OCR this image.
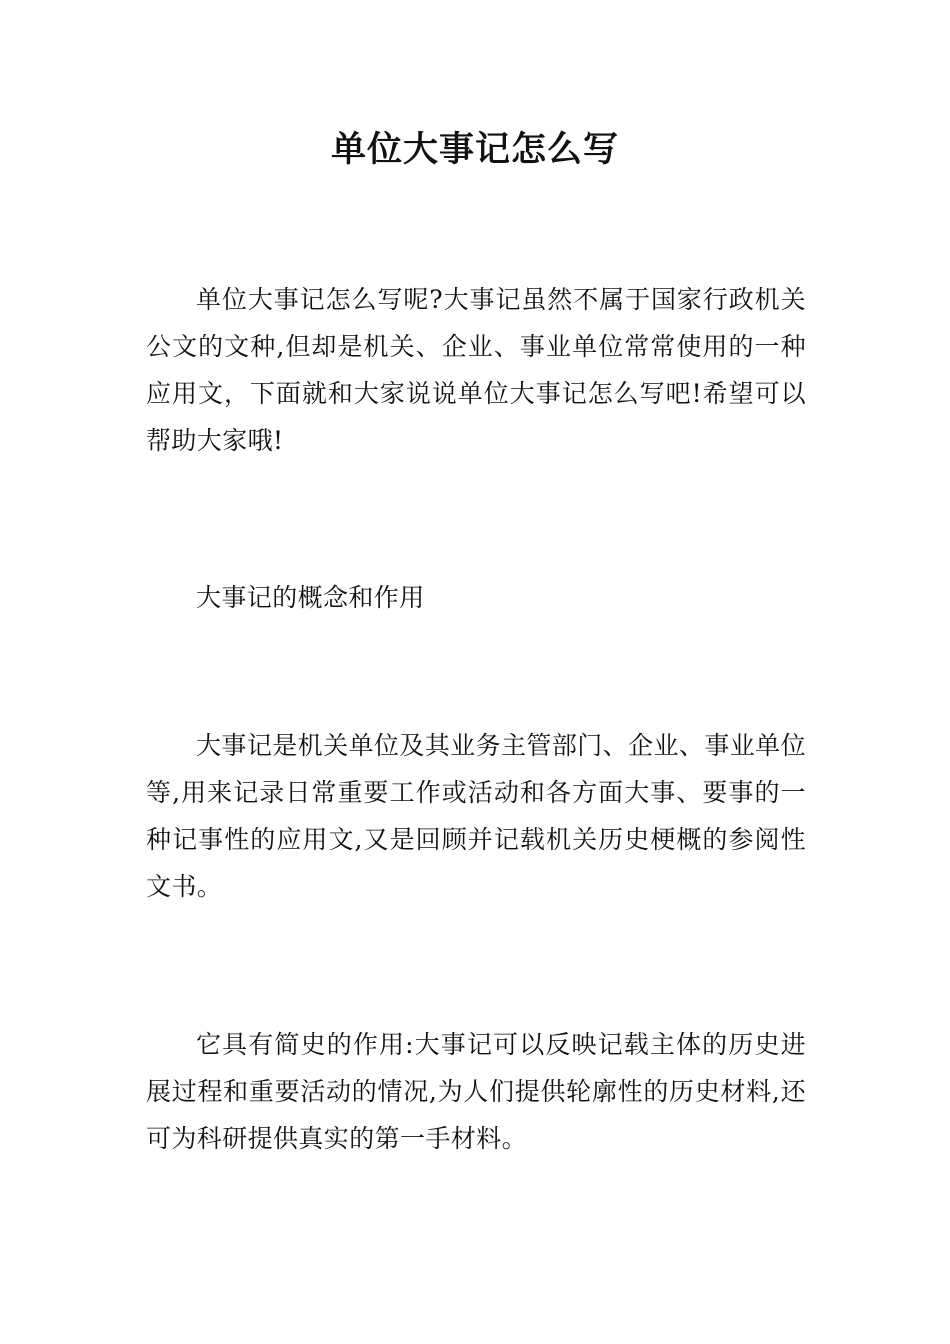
单位大事记怎么写

单位大事记怎么写呢?大事记虽然不属于国家行政机关公文的文种,但却是机关、企业、事业单位常常使用的一种应用文，下面就和大家说说单位大事记怎么写吧!希望可以帮助大家哦!

大事记的概念和作用

大事记是机关单位及其业务主管部门、企业、事业单位等,用来记录日常重要工作或活动和各方面大事、要事的一种记事性的应用文,又是回顾并记载机关历史梗概的参阅性文书。

它具有简史的作用:大事记可以反映记载主体的历史进展过程和重要活动的情况,为人们提供轮廓性的历史材料,还可为科研提供真实的第一手材料。
